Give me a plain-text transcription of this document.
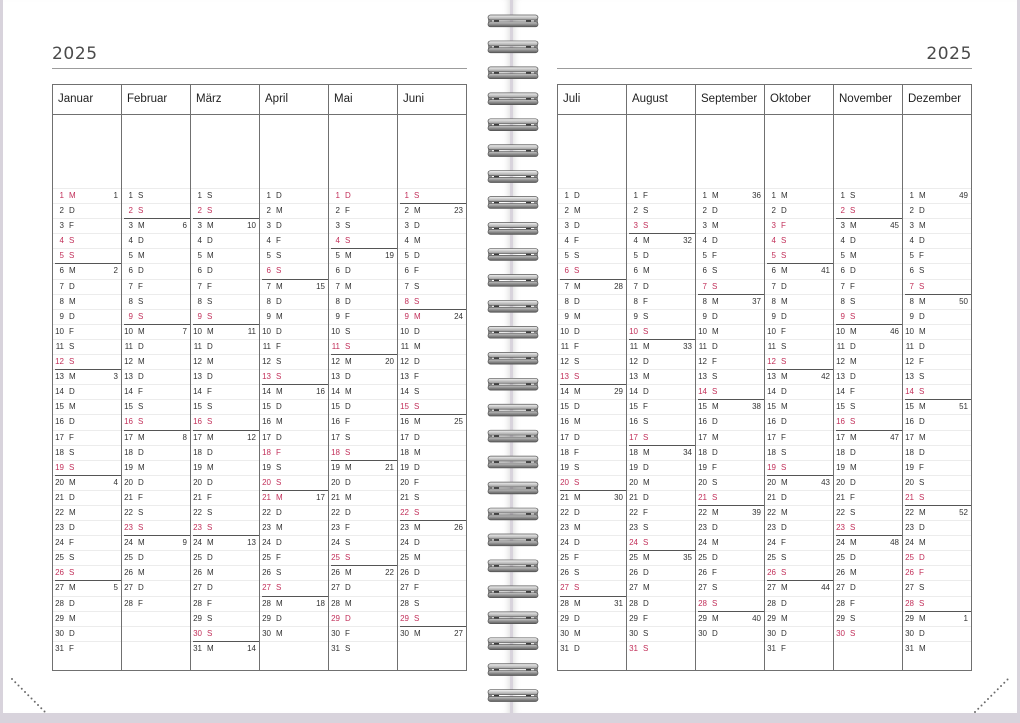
2025
Januar
1 M	1
2 D
3 F
4 S
5 S
6 M	2
7 D
8 M
9 D
10 F
11 S
12 S
13 M	3
14 D
15 M
16 D
17 F
18 S
19 S
20 M	4
21 D
22 M
23 D
24 F
25 S
26 S
27 M	5
28 D
29 M
30 D
31 F
Februar
1 S
2 S
3 M	6
4 D
5 M
6 D
7 F
8 S
9 S
10 M	7
11 D
12 M
13 D
14 F
15 S
16 S
17 M	8
18 D
19 M
20 D
21 F
22 S
23 S
24 M	9
25 D
26 M
27 D
28 F
März
1 S
2 S
3 M	10
4 D
5 M
6 D
7 F
8 S
9 S
10 M	11
11 D
12 M
13 D
14 F
15 S
16 S
17 M	12
18 D
19 M
20 D
21 F
22 S
23 S
24 M	13
25 D
26 M
27 D
28 F
29 S
30 S
31 M	14
April
1 D
2 M
3 D
4 F
5 S
6 S
7 M	15
8 D
9 M
10 D
11 F
12 S
13 S
14 M	16
15 D
16 M
17 D
18 F
19 S
20 S
21 M	17
22 D
23 M
24 D
25 F
26 S
27 S
28 M	18
29 D
30 M
Mai
1 D
2 F
3 S
4 S
5 M	19
6 D
7 M
8 D
9 F
10 S
11 S
12 M	20
13 D
14 M
15 D
16 F
17 S
18 S
19 M	21
20 D
21 M
22 D
23 F
24 S
25 S
26 M	22
27 D
28 M
29 D
30 F
31 S
Juni
1 S
2 M	23
3 D
4 M
5 D
6 F
7 S
8 S
9 M	24
10 D
11 M
12 D
13 F
14 S
15 S
16 M	25
17 D
18 M
19 D
20 F
21 S
22 S
23 M	26
24 D
25 M
26 D
27 F
28 S
29 S
30 M	27
2025
Juli
1 D
2 M
3 D
4 F
5 S
6 S
7 M	28
8 D
9 M
10 D
11 F
12 S
13 S
14 M	29
15 D
16 M
17 D
18 F
19 S
20 S
21 M	30
22 D
23 M
24 D
25 F
26 S
27 S
28 M	31
29 D
30 M
31 D
August
1 F
2 S
3 S
4 M	32
5 D
6 M
7 D
8 F
9 S
10 S
11 M	33
12 D
13 M
14 D
15 F
16 S
17 S
18 M	34
19 D
20 M
21 D
22 F
23 S
24 S
25 M	35
26 D
27 M
28 D
29 F
30 S
31 S
September
1 M	36
2 D
3 M
4 D
5 F
6 S
7 S
8 M	37
9 D
10 M
11 D
12 F
13 S
14 S
15 M	38
16 D
17 M
18 D
19 F
20 S
21 S
22 M	39
23 D
24 M
25 D
26 F
27 S
28 S
29 M	40
30 D
Oktober
1 M
2 D
3 F
4 S
5 S
6 M	41
7 D
8 M
9 D
10 F
11 S
12 S
13 M	42
14 D
15 M
16 D
17 F
18 S
19 S
20 M	43
21 D
22 M
23 D
24 F
25 S
26 S
27 M	44
28 D
29 M
30 D
31 F
November
1 S
2 S
3 M	45
4 D
5 M
6 D
7 F
8 S
9 S
10 M	46
11 D
12 M
13 D
14 F
15 S
16 S
17 M	47
18 D
19 M
20 D
21 F
22 S
23 S
24 M	48
25 D
26 M
27 D
28 F
29 S
30 S
Dezember
1 M	49
2 D
3 M
4 D
5 F
6 S
7 S
8 M	50
9 D
10 M
11 D
12 F
13 S
14 S
15 M	51
16 D
17 M
18 D
19 F
20 S
21 S
22 M	52
23 D
24 M
25 D
26 F
27 S
28 S
29 M	1
30 D
31 M
